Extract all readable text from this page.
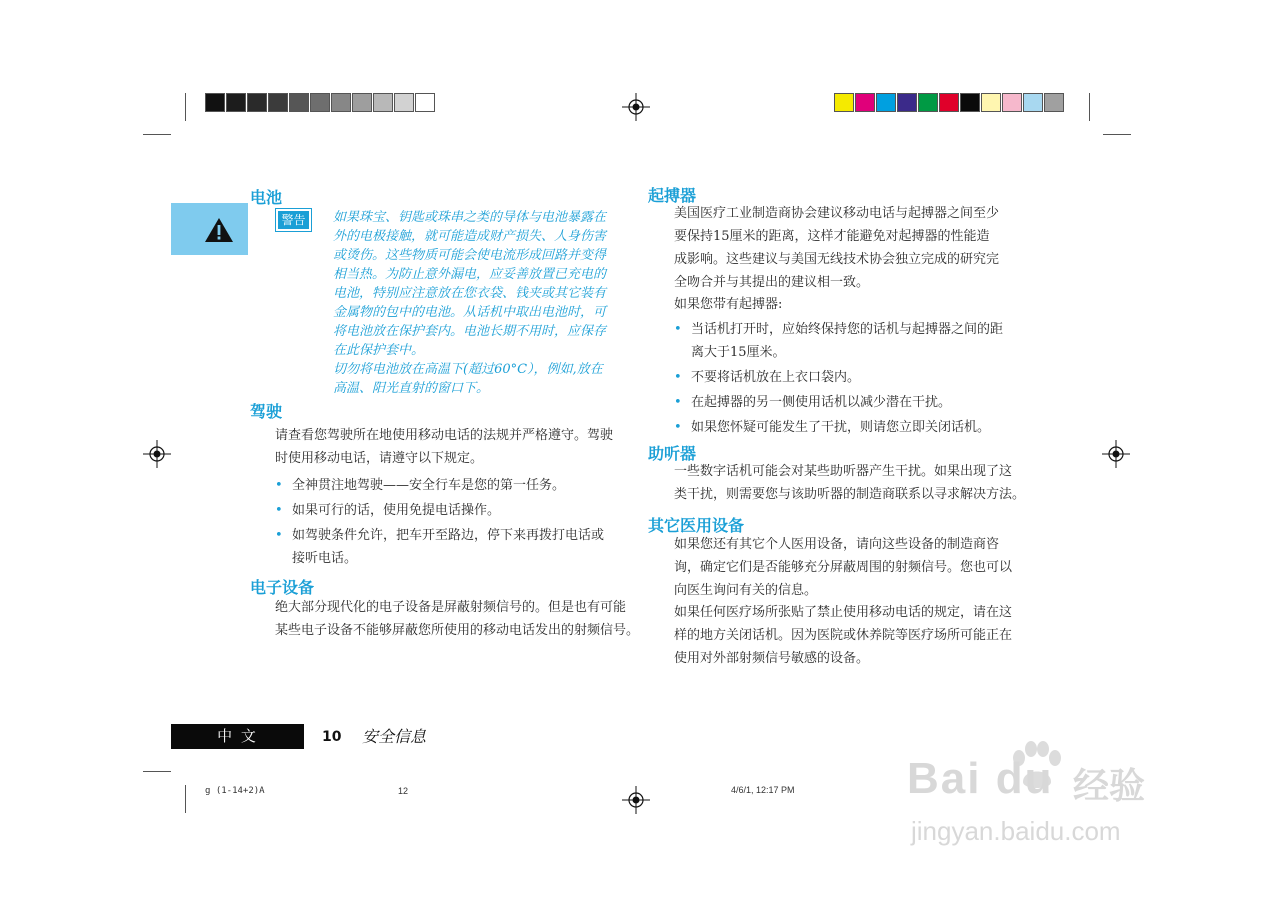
电池
警告 如果珠宝、钥匙或珠串之类的导体与电池暴露在
外的电极接触，就可能造成财产损失、人身伤害
或烫伤。这些物质可能会使电流形成回路并变得
相当热。为防止意外漏电，应妥善放置已充电的
电池，特别应注意放在您衣袋、钱夹或其它装有
金属物的包中的电池。从话机中取出电池时，可
将电池放在保护套内。电池长期不用时，应保存
在此保护套中。
切勿将电池放在高温下(超过60°C），例如,放在
高温、阳光直射的窗口下。
驾驶
请查看您驾驶所在地使用移动电话的法规并严格遵守。驾驶
时使用移动电话，请遵守以下规定。
• 全神贯注地驾驶——安全行车是您的第一任务。
• 如果可行的话，使用免提电话操作。
• 如驾驶条件允许，把车开至路边，停下来再拨打电话或
接听电话。
电子设备
绝大部分现代化的电子设备是屏蔽射频信号的。但是也有可能
某些电子设备不能够屏蔽您所使用的移动电话发出的射频信号。
起搏器
美国医疗工业制造商协会建议移动电话与起搏器之间至少
要保持15厘米的距离，这样才能避免对起搏器的性能造
成影响。这些建议与美国无线技术协会独立完成的研究完
全吻合并与其提出的建议相一致。
如果您带有起搏器:
• 当话机打开时，应始终保持您的话机与起搏器之间的距
离大于15厘米。
• 不要将话机放在上衣口袋内。
• 在起搏器的另一侧使用话机以减少潜在干扰。
• 如果您怀疑可能发生了干扰，则请您立即关闭话机。
助听器
一些数字话机可能会对某些助听器产生干扰。如果出现了这
类干扰，则需要您与该助听器的制造商联系以寻求解决方法。
其它医用设备
如果您还有其它个人医用设备，请向这些设备的制造商咨
询，确定它们是否能够充分屏蔽周围的射频信号。您也可以
向医生询问有关的信息。
如果任何医疗场所张贴了禁止使用移动电话的规定，请在这
样的地方关闭话机。因为医院或休养院等医疗场所可能正在
使用对外部射频信号敏感的设备。
中 文	10 安全信息
g (1-14+2)A	12	4/6/1, 12:17 PM	Bai du 经验
jingyan.baidu.com
